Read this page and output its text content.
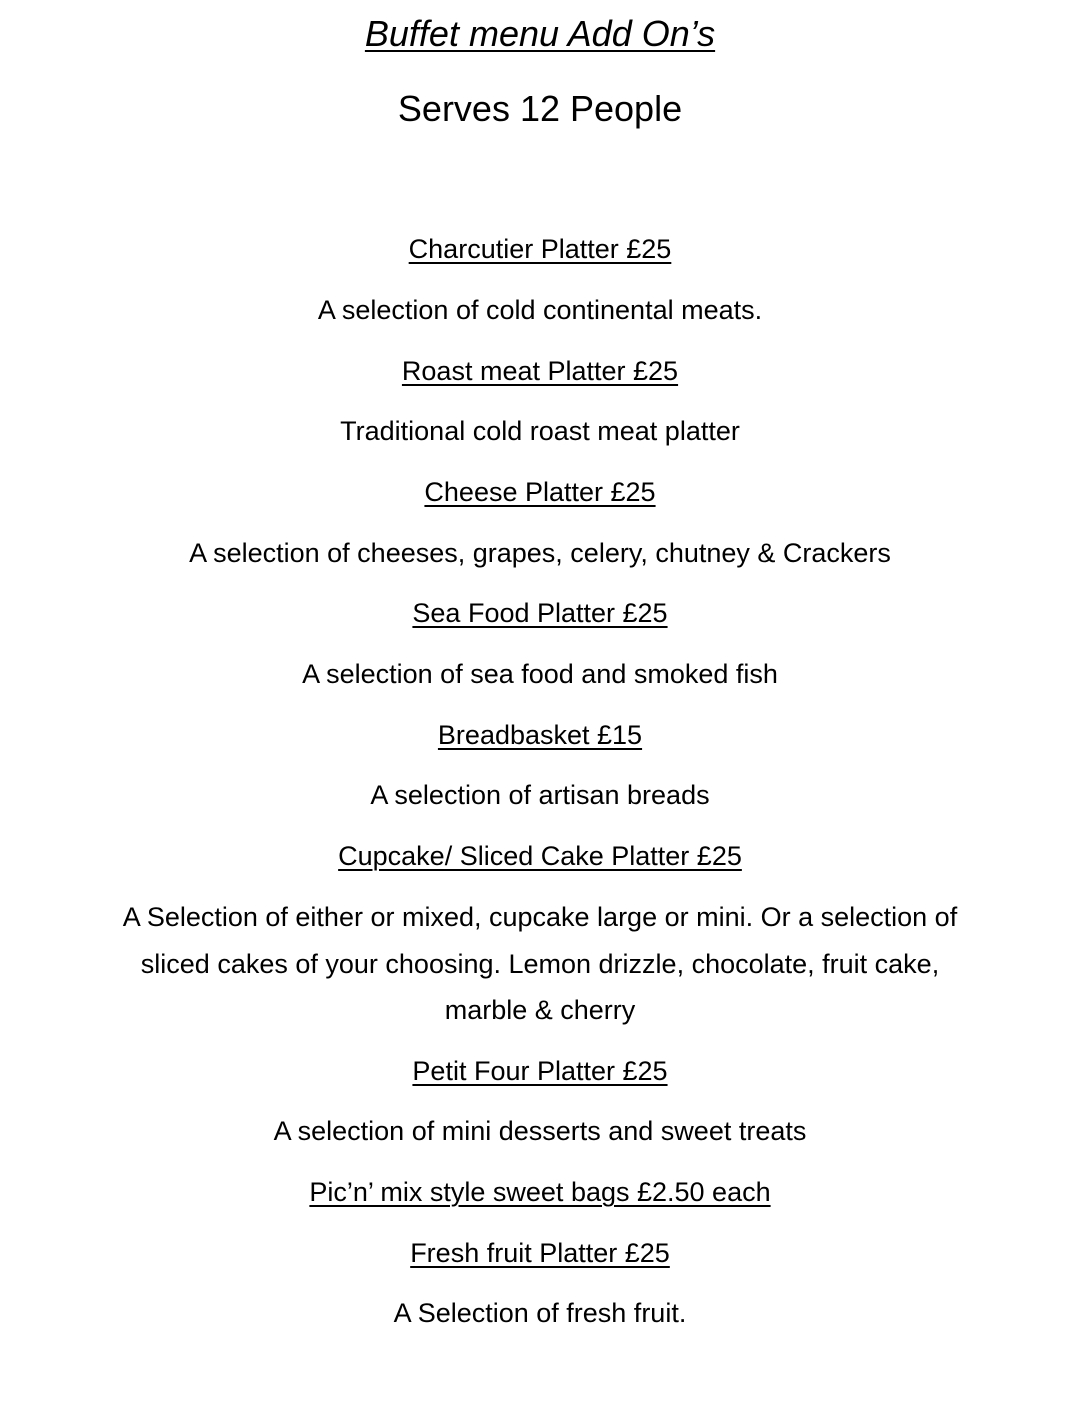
Buffet menu Add On’s
Serves 12 People
Charcutier Platter £25
A selection of cold continental meats.
Roast meat Platter £25
Traditional cold roast meat platter
Cheese Platter £25
A selection of cheeses, grapes, celery, chutney & Crackers
Sea Food Platter £25
A selection of sea food and smoked fish
Breadbasket £15
A selection of artisan breads
Cupcake/ Sliced Cake Platter £25
A Selection of either or mixed, cupcake large or mini. Or a selection of
sliced cakes of your choosing. Lemon drizzle, chocolate, fruit cake,
marble & cherry
Petit Four Platter £25
A selection of mini desserts and sweet treats
Pic’n’ mix style sweet bags £2.50 each
Fresh fruit Platter £25
A Selection of fresh fruit.
